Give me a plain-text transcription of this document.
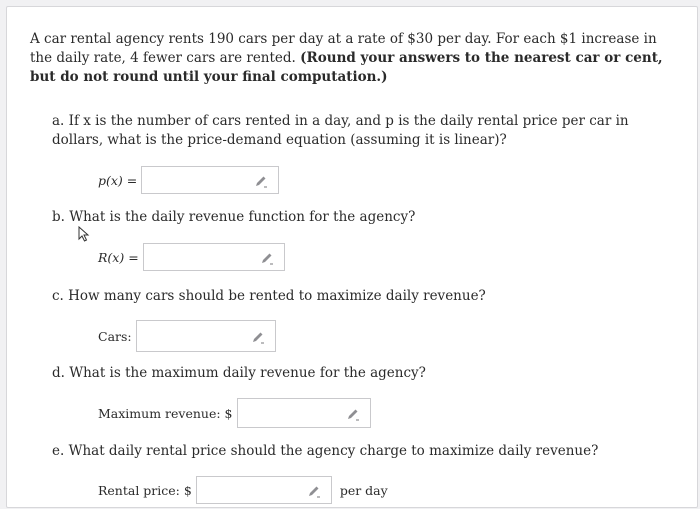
A car rental agency rents 190 cars per day at a rate of $30 per day. For each $1 increase in the daily rate, 4 fewer cars are rented. (Round your answers to the nearest car or cent, but do not round until your final computation.)
a. If x is the number of cars rented in a day, and p is the daily rental price per car in dollars, what is the price-demand equation (assuming it is linear)?
p(x) =
b. What is the daily revenue function for the agency?
R(x) =
c. How many cars should be rented to maximize daily revenue?
Cars:
d. What is the maximum daily revenue for the agency?
Maximum revenue: $
e. What daily rental price should the agency charge to maximize daily revenue?
Rental price: $	per day
